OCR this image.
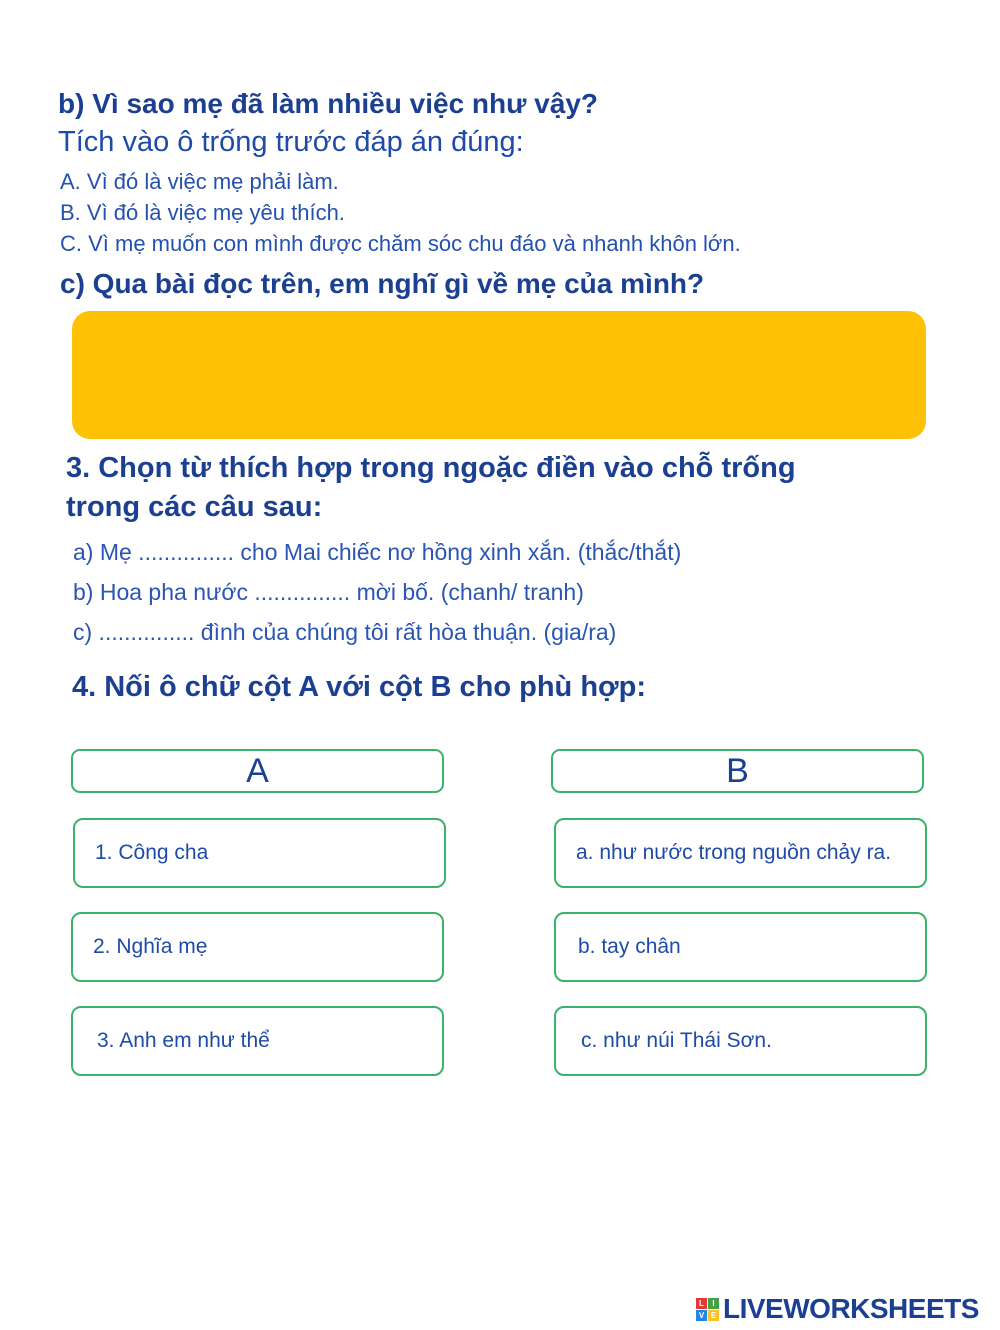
b) Vì sao mẹ đã làm nhiều việc như vậy?
Tích vào ô trống trước đáp án đúng:
A. Vì đó là việc mẹ phải làm.
B. Vì đó là việc mẹ yêu thích.
C. Vì mẹ muốn con mình được chăm sóc chu đáo và nhanh khôn lớn.
c) Qua bài đọc trên, em nghĩ gì về mẹ của mình?
3. Chọn từ thích hợp trong ngoặc điền vào chỗ trống
trong các câu sau:
a) Mẹ ............... cho Mai chiếc nơ hồng xinh xắn. (thắc/thắt)
b) Hoa pha nước ............... mời bố. (chanh/ tranh)
c) ............... đình của chúng tôi rất hòa thuận. (gia/ra)
4. Nối ô chữ cột A với cột B cho phù hợp:
A	B
1. Công cha
2. Nghĩa mẹ
3. Anh em như thể
a. như nước trong nguồn chảy ra.
b. tay chân
c. như núi Thái Sơn.
L	I
V E LIVEWORKSHEETS
